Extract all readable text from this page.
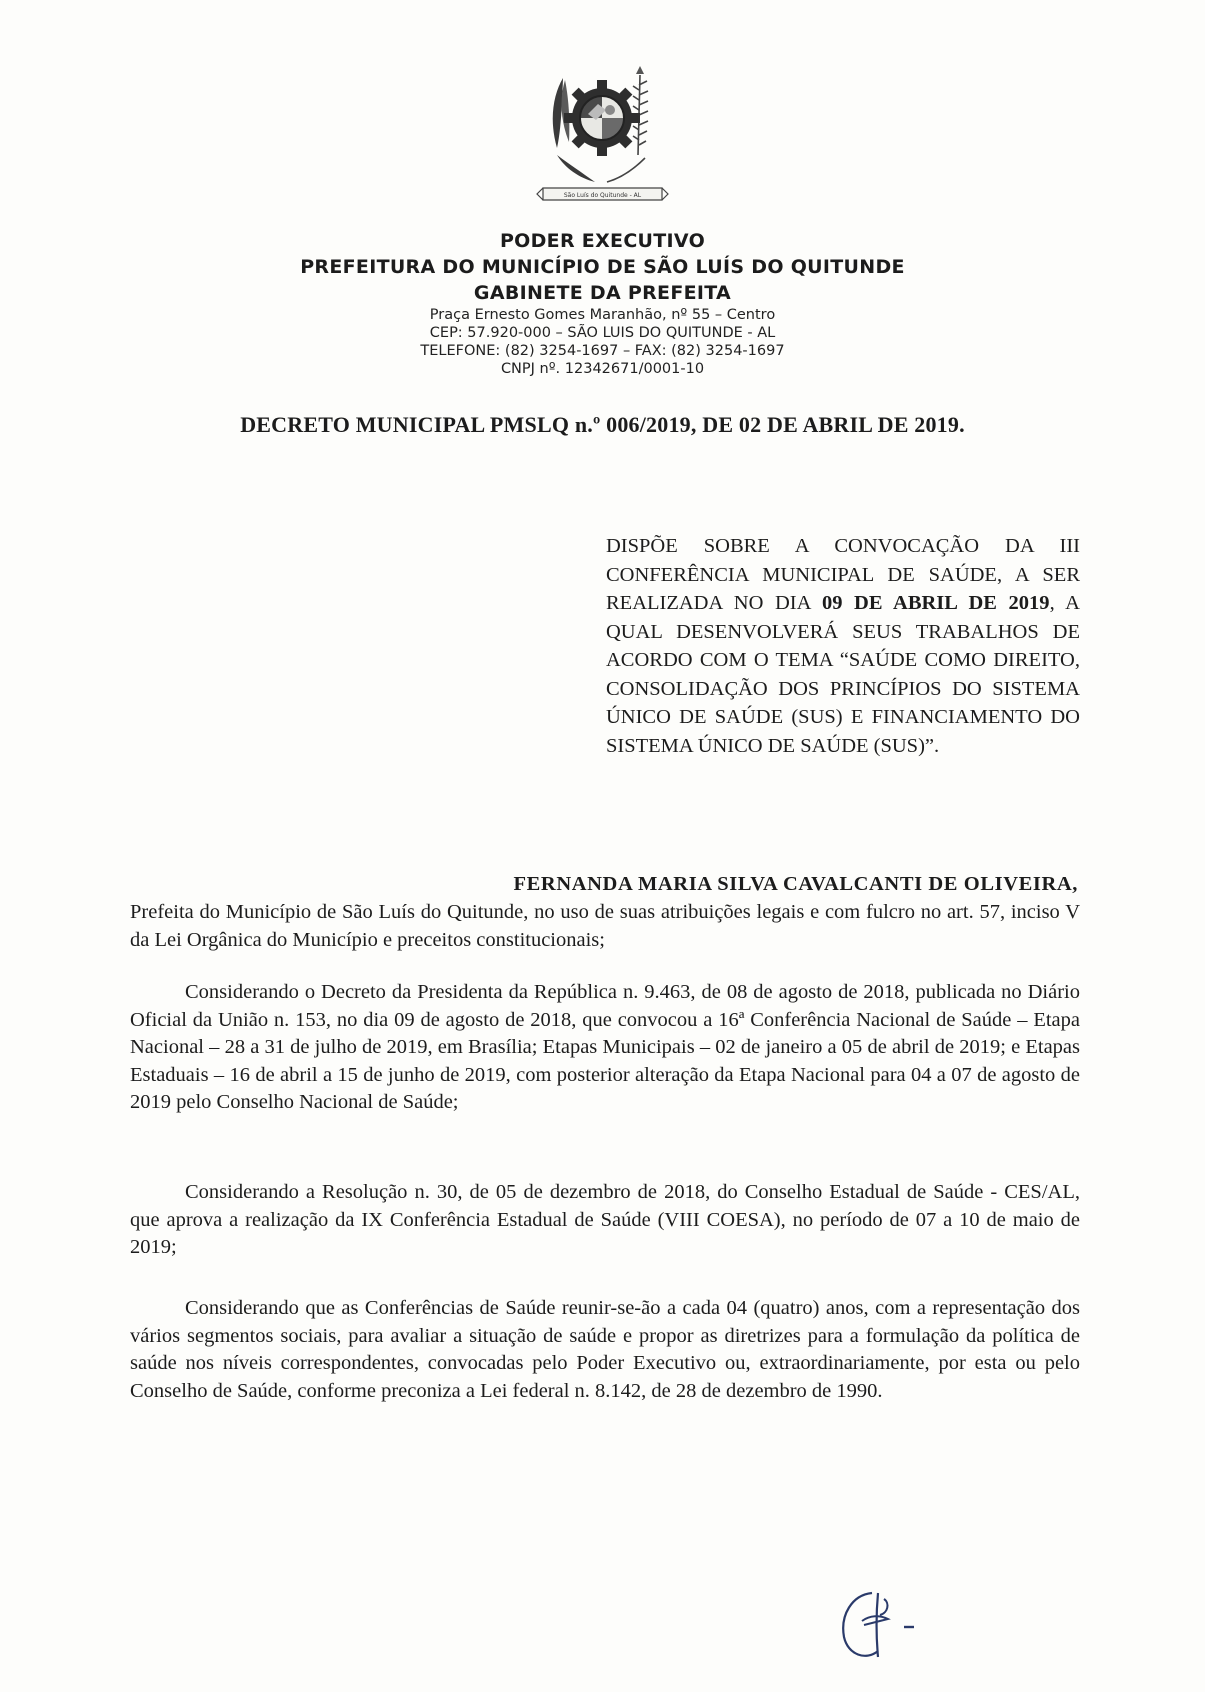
São Luís do Quitunde - AL
PODER EXECUTIVO
PREFEITURA DO MUNICÍPIO DE SÃO LUÍS DO QUITUNDE
GABINETE DA PREFEITA
Praça Ernesto Gomes Maranhão, nº 55 – Centro
CEP: 57.920-000 – SÃO LUIS DO QUITUNDE - AL
TELEFONE: (82) 3254-1697 – FAX: (82) 3254-1697
CNPJ nº. 12342671/0001-10
DECRETO MUNICIPAL PMSLQ n.º 006/2019, DE 02 DE ABRIL DE 2019.
DISPÕE SOBRE A CONVOCAÇÃO DA III CONFERÊNCIA MUNICIPAL DE SAÚDE, A SER REALIZADA NO DIA 09 DE ABRIL DE 2019, A QUAL DESENVOLVERÁ SEUS TRABALHOS DE ACORDO COM O TEMA “SAÚDE COMO DIREITO, CONSOLIDAÇÃO DOS PRINCÍPIOS DO SISTEMA ÚNICO DE SAÚDE (SUS) E FINANCIAMENTO DO SISTEMA ÚNICO DE SAÚDE (SUS)”.
FERNANDA MARIA SILVA CAVALCANTI DE OLIVEIRA,
Prefeita do Município de São Luís do Quitunde, no uso de suas atribuições legais e com fulcro no art. 57, inciso V da Lei Orgânica do Município e preceitos constitucionais;
Considerando o Decreto da Presidenta da República n. 9.463, de 08 de agosto de 2018, publicada no Diário Oficial da União n. 153, no dia 09 de agosto de 2018, que convocou a 16ª Conferência Nacional de Saúde – Etapa Nacional – 28 a 31 de julho de 2019, em Brasília; Etapas Municipais – 02 de janeiro a 05 de abril de 2019; e Etapas Estaduais – 16 de abril a 15 de junho de 2019, com posterior alteração da Etapa Nacional para 04 a 07 de agosto de 2019 pelo Conselho Nacional de Saúde;
Considerando a Resolução n. 30, de 05 de dezembro de 2018, do Conselho Estadual de Saúde - CES/AL, que aprova a realização da IX Conferência Estadual de Saúde (VIII COESA), no período de 07 a 10 de maio de 2019;
Considerando que as Conferências de Saúde reunir-se-ão a cada 04 (quatro) anos, com a representação dos vários segmentos sociais, para avaliar a situação de saúde e propor as diretrizes para a formulação da política de saúde nos níveis correspondentes, convocadas pelo Poder Executivo ou, extraordinariamente, por esta ou pelo Conselho de Saúde, conforme preconiza a Lei federal n. 8.142, de 28 de dezembro de 1990.
